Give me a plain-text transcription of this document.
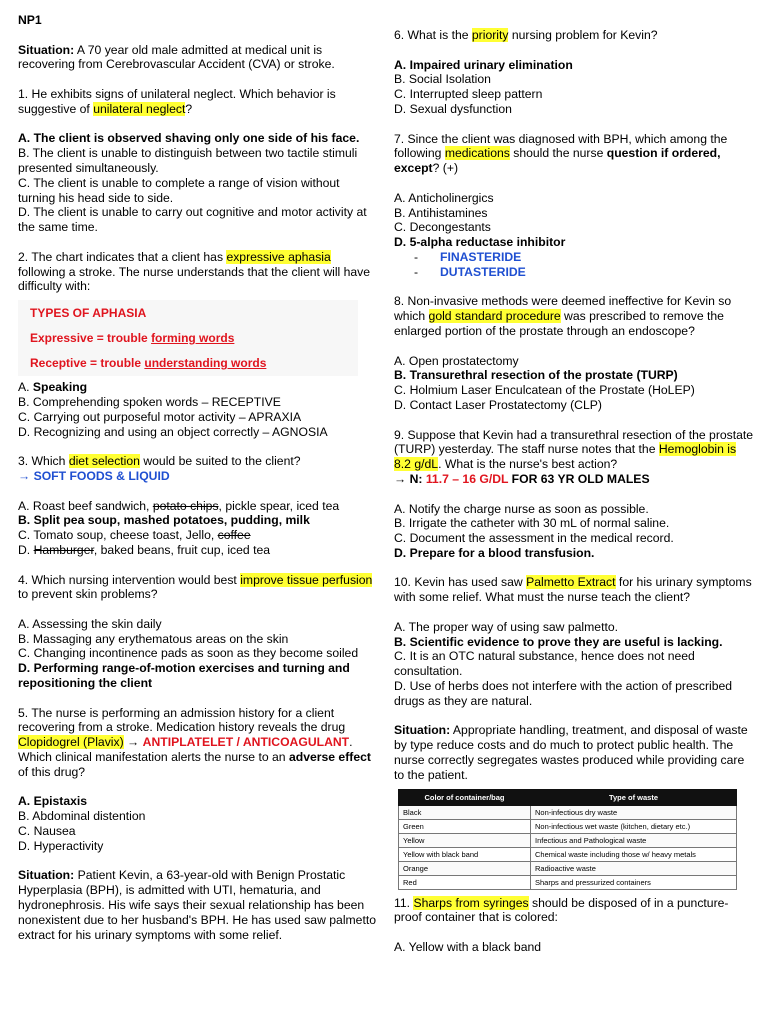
NP1

Situation: A 70 year old male admitted at medical unit is recovering from Cerebrovascular Accident (CVA) or stroke.

1. He exhibits signs of unilateral neglect. Which behavior is suggestive of unilateral neglect?

A. The client is observed shaving only one side of his face.

B. The client is unable to distinguish between two tactile stimuli presented simultaneously.

C. The client is unable to complete a range of vision without turning his head side to side.

D. The client is unable to carry out cognitive and motor activity at the same time.

2. The chart indicates that a client has expressive aphasia following a stroke. The nurse understands that the client will have difficulty with:

TYPES OF APHASIA

Expressive = trouble forming words

Receptive = trouble understanding words

A. Speaking

B. Comprehending spoken words – RECEPTIVE

C. Carrying out purposeful motor activity – APRAXIA

D. Recognizing and using an object correctly – AGNOSIA

3. Which diet selection would be suited to the client?

→ SOFT FOODS & LIQUID

A. Roast beef sandwich, potato chips, pickle spear, iced tea

B. Split pea soup, mashed potatoes, pudding, milk

C. Tomato soup, cheese toast, Jello, coffee

D. Hamburger, baked beans, fruit cup, iced tea

4. Which nursing intervention would best improve tissue perfusion to prevent skin problems?

A. Assessing the skin daily

B. Massaging any erythematous areas on the skin

C. Changing incontinence pads as soon as they become soiled

D. Performing range-of-motion exercises and turning and repositioning the client

5. The nurse is performing an admission history for a client recovering from a stroke. Medication history reveals the drug Clopidogrel (Plavix) → ANTIPLATELET / ANTICOAGULANT. Which clinical manifestation alerts the nurse to an adverse effect of this drug?

A. Epistaxis

B. Abdominal distention

C. Nausea

D. Hyperactivity

Situation: Patient Kevin, a 63-year-old with Benign Prostatic Hyperplasia (BPH), is admitted with UTI, hematuria, and hydronephrosis. His wife says their sexual relationship has been nonexistent due to her husband's BPH. He has used saw palmetto extract for his urinary symptoms with some relief.

6. What is the priority nursing problem for Kevin?

A. Impaired urinary elimination

B. Social Isolation

C. Interrupted sleep pattern

D. Sexual dysfunction

7. Since the client was diagnosed with BPH, which among the following medications should the nurse question if ordered, except? (+)

A. Anticholinergics

B. Antihistamines

C. Decongestants

D. 5-alpha reductase inhibitor

- FINASTERIDE

- DUTASTERIDE

8. Non-invasive methods were deemed ineffective for Kevin so which gold standard procedure was prescribed to remove the enlarged portion of the prostate through an endoscope?

A. Open prostatectomy

B. Transurethral resection of the prostate (TURP)

C. Holmium Laser Enculcatean of the Prostate (HoLEP)

D. Contact Laser Prostatectomy (CLP)

9. Suppose that Kevin had a transurethral resection of the prostate (TURP) yesterday. The staff nurse notes that the Hemoglobin is 8.2 g/dL. What is the nurse's best action?

→ N: 11.7 – 16 G/DL FOR 63 YR OLD MALES

A. Notify the charge nurse as soon as possible.

B. Irrigate the catheter with 30 mL of normal saline.

C. Document the assessment in the medical record.

D. Prepare for a blood transfusion.

10. Kevin has used saw Palmetto Extract for his urinary symptoms with some relief. What must the nurse teach the client?

A. The proper way of using saw palmetto.

B. Scientific evidence to prove they are useful is lacking.

C. It is an OTC natural substance, hence does not need consultation.

D. Use of herbs does not interfere with the action of prescribed drugs as they are natural.

Situation: Appropriate handling, treatment, and disposal of waste by type reduce costs and do much to protect public health. The nurse correctly segregates wastes produced while providing care to the patient.

Color of container/bag	Type of waste
Black	Non-infectious dry waste
Green	Non-infectious wet waste (kitchen, dietary etc.)
Yellow	Infectious and Pathological waste
Yellow with black band	Chemical waste including those w/ heavy metals
Orange	Radioactive waste
Red	Sharps and pressurized containers

11. Sharps from syringes should be disposed of in a puncture-proof container that is colored:

A. Yellow with a black band
